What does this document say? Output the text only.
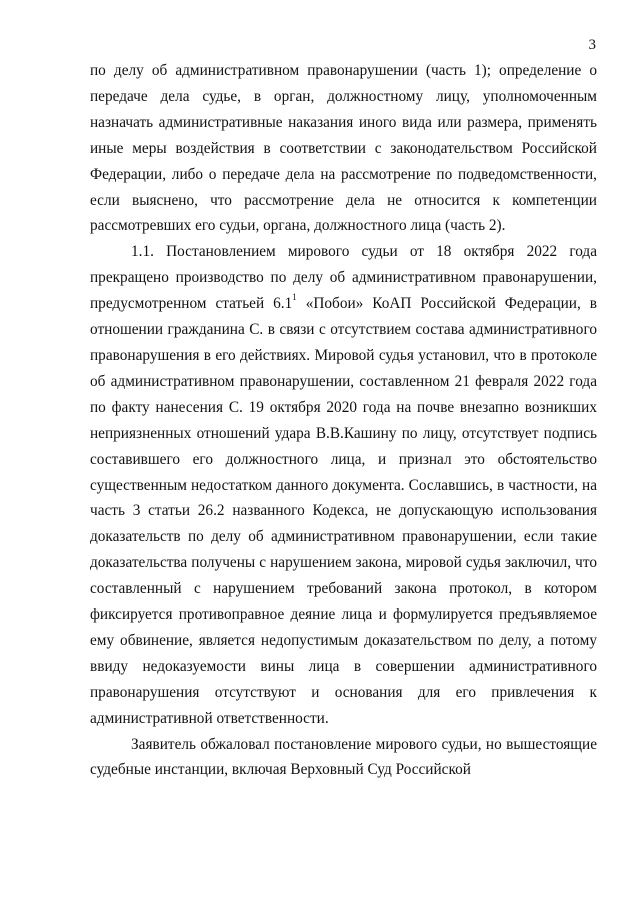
3

по делу об административном правонарушении (часть 1); определение о передаче дела судье, в орган, должностному лицу, уполномоченным назначать административные наказания иного вида или размера, применять иные меры воздействия в соответствии с законодательством Российской Федерации, либо о передаче дела на рассмотрение по подведомственности, если выяснено, что рассмотрение дела не относится к компетенции рассмотревших его судьи, органа, должностного лица (часть 2).

1.1. Постановлением мирового судьи от 18 октября 2022 года прекращено производство по делу об административном правонарушении, предусмотренном статьей $6.1^1$ «Побои» КоАП Российской Федерации, в отношении гражданина С. в связи с отсутствием состава административного правонарушения в его действиях. Мировой судья установил, что в протоколе об административном правонарушении, составленном 21 февраля 2022 года по факту нанесения С. 19 октября 2020 года на почве внезапно возникших неприязненных отношений удара В.В.Кашину по лицу, отсутствует подпись составившего его должностного лица, и признал это обстоятельство существенным недостатком данного документа. Сославшись, в частности, на часть 3 статьи 26.2 названного Кодекса, не допускающую использования доказательств по делу об административном правонарушении, если такие доказательства получены с нарушением закона, мировой судья заключил, что составленный с нарушением требований закона протокол, в котором фиксируется противоправное деяние лица и формулируется предъявляемое ему обвинение, является недопустимым доказательством по делу, а потому ввиду недоказуемости вины лица в совершении административного правонарушения отсутствуют и основания для его привлечения к административной ответственности.

Заявитель обжаловал постановление мирового судьи, но вышестоящие судебные инстанции, включая Верховный Суд Российской
